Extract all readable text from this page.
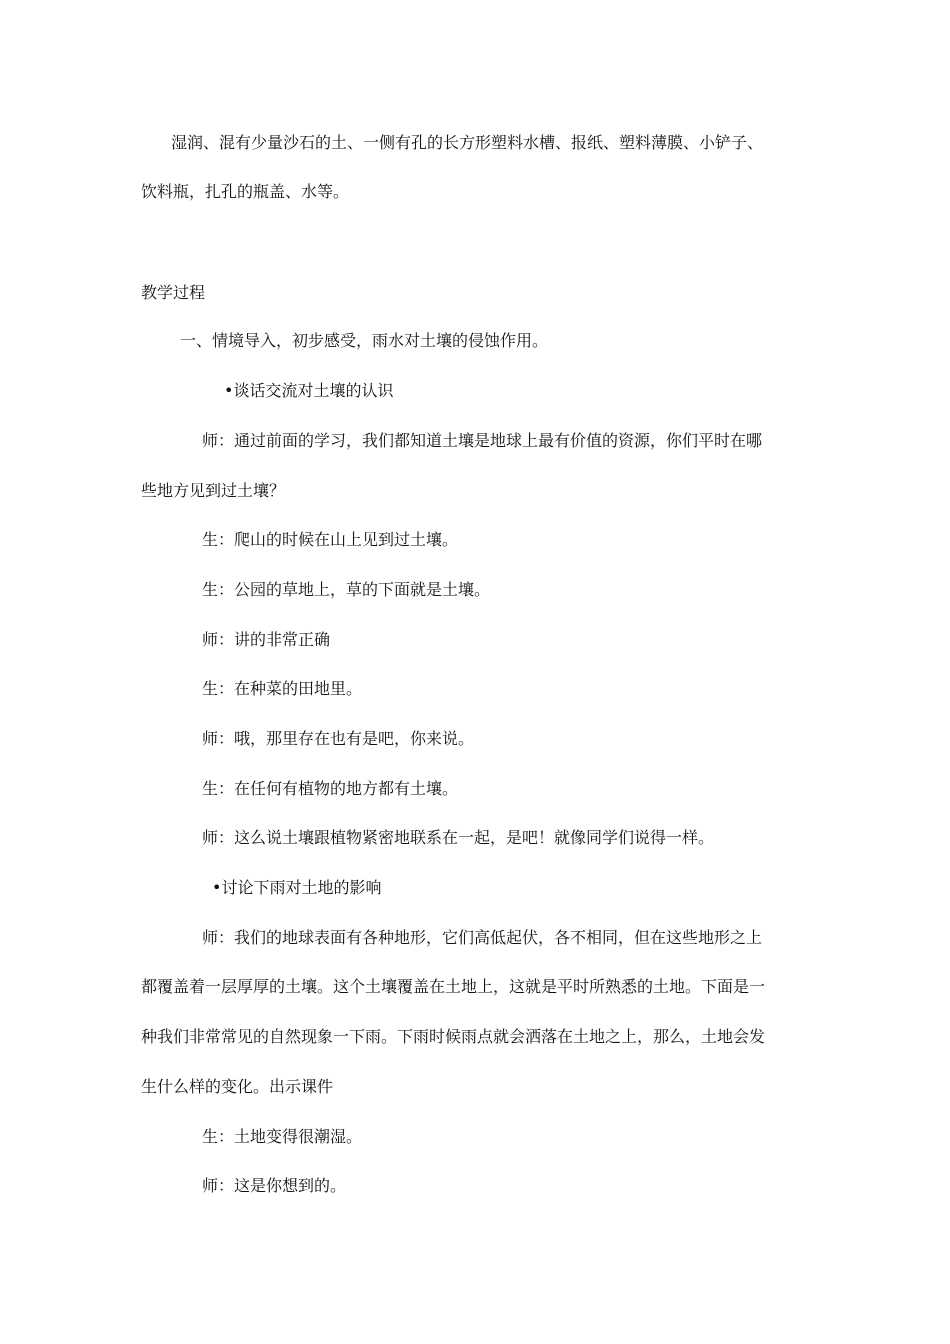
湿润、混有少量沙石的土、一侧有孔的长方形塑料水槽、报纸、塑料薄膜、小铲子、
饮料瓶，扎孔的瓶盖、水等。
教学过程
一、情境导入，初步感受，雨水对土壤的侵蚀作用。
•谈话交流对土壤的认识
师：通过前面的学习，我们都知道土壤是地球上最有价值的资源，你们平时在哪
些地方见到过土壤？
生：爬山的时候在山上见到过土壤。
生：公园的草地上，草的下面就是土壤。
师：讲的非常正确
生：在种菜的田地里。
师：哦，那里存在也有是吧，你来说。
生：在任何有植物的地方都有土壤。
师：这么说土壤跟植物紧密地联系在一起，是吧！就像同学们说得一样。
•讨论下雨对土地的影响
师：我们的地球表面有各种地形，它们高低起伏，各不相同，但在这些地形之上
都覆盖着一层厚厚的土壤。这个土壤覆盖在土地上，这就是平时所熟悉的土地。下面是一
种我们非常常见的自然现象一下雨。下雨时候雨点就会洒落在土地之上，那么，土地会发
生什么样的变化。出示课件
生：土地变得很潮湿。
师：这是你想到的。
